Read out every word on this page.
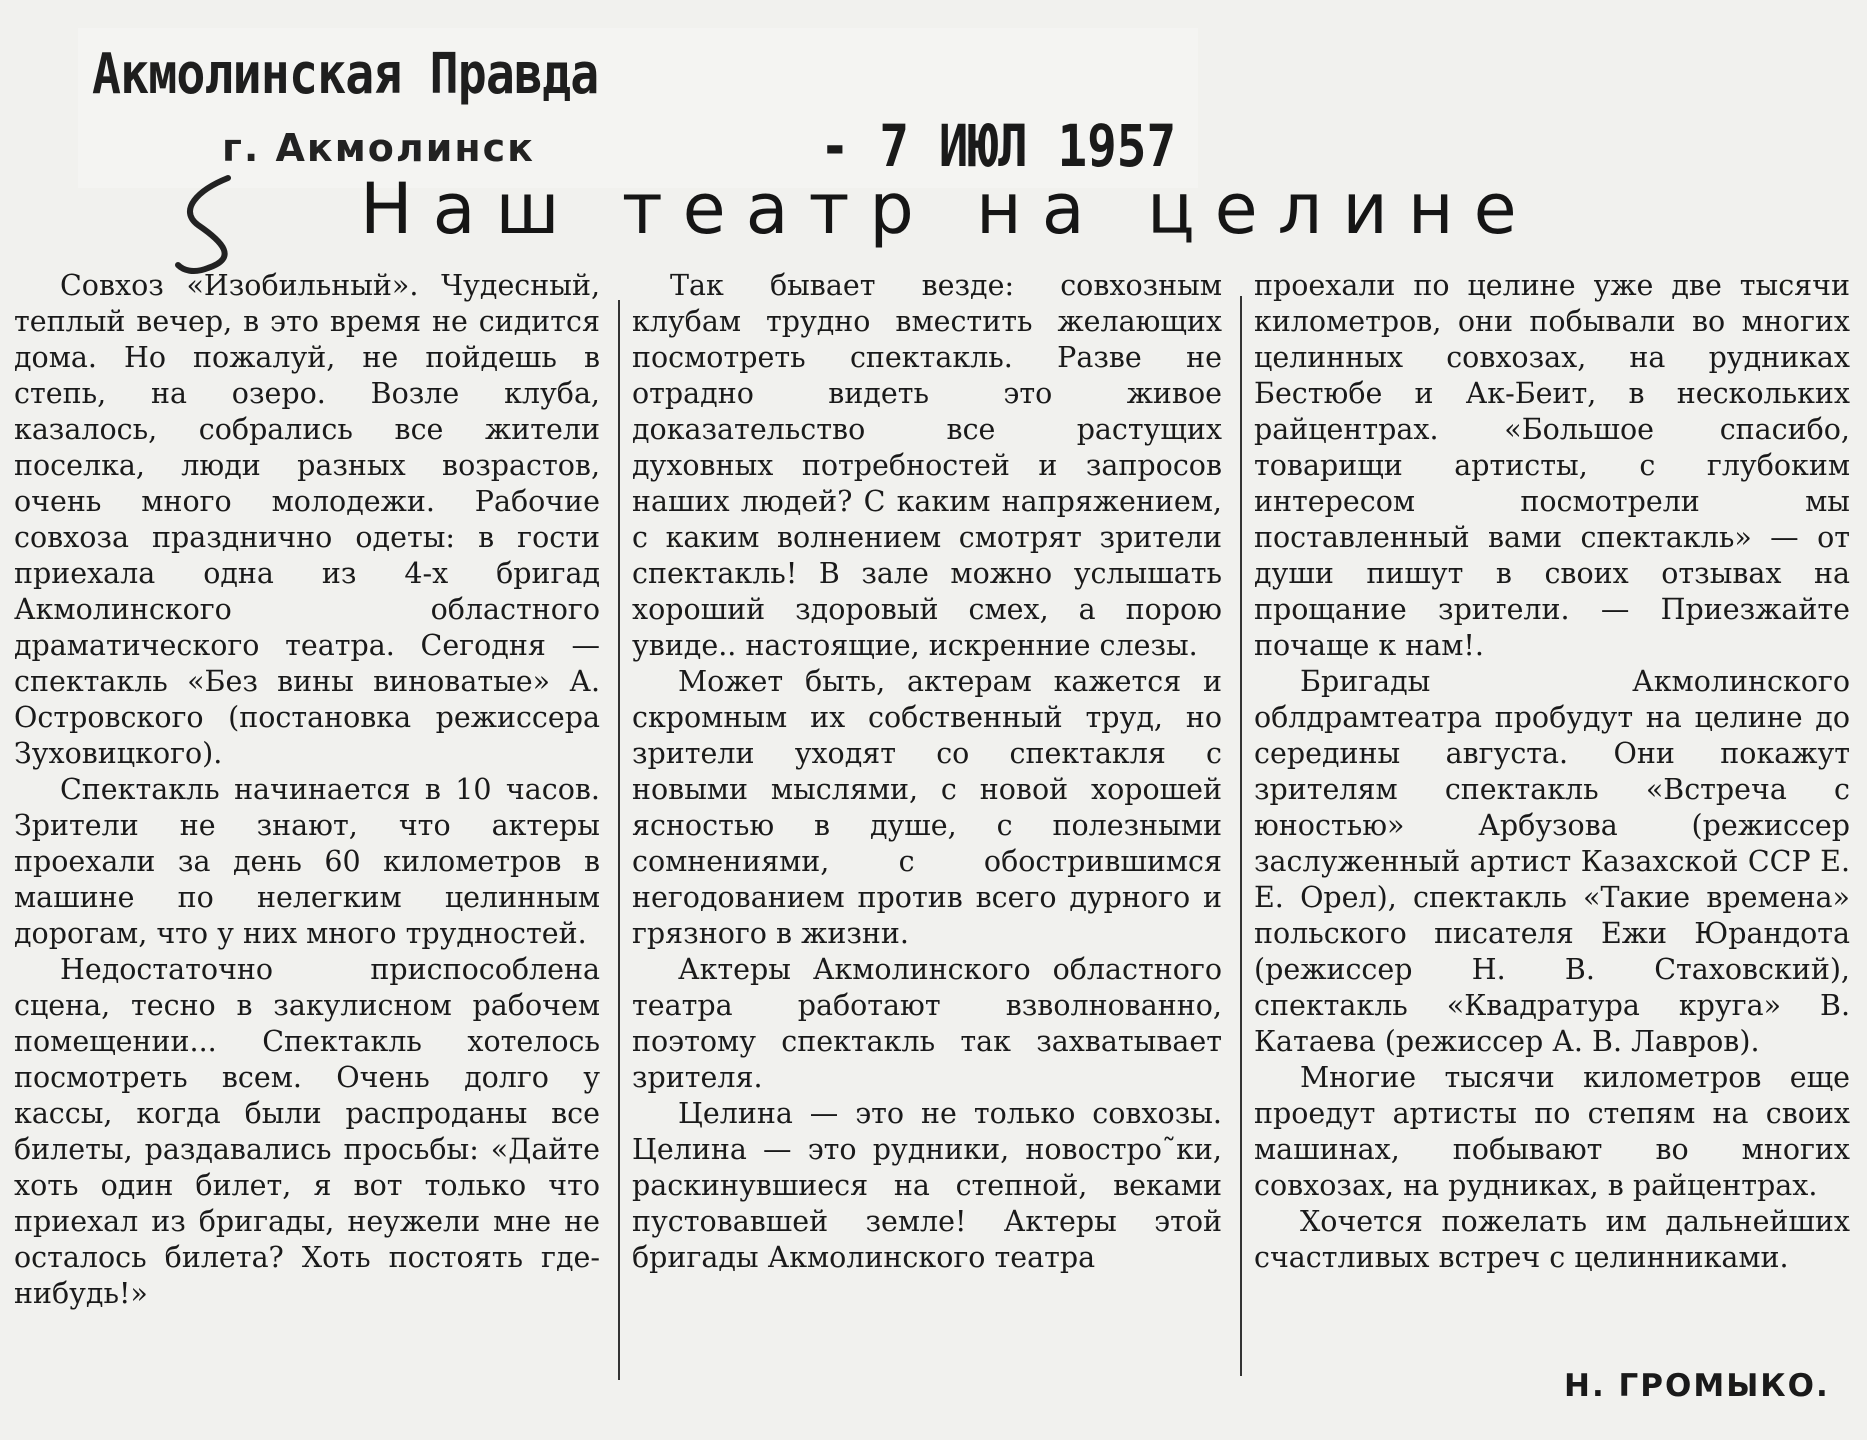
Акмолинская Правда
г. Акмолинск	- 7 ИЮЛ 1957
Наш театр на целине

Совхоз «Изобильный». Чудесный, теплый вечер, в это время не сидится дома. Но пожалуй, не пойдешь в степь, на озеро. Возле клуба, казалось, собрались все жители поселка, люди разных возрастов, очень много молодежи. Рабочие совхоза празднично одеты: в гости приехала одна из 4-х бригад Акмолинского областного драматического театра. Сегодня — спектакль «Без вины виноватые» А. Островского (постановка режиссера Зуховицкого).

Спектакль начинается в 10 часов. Зрители не знают, что актеры проехали за день 60 километров в машине по нелегким целинным дорогам, что у них много трудностей.

Недостаточно приспособлена сцена, тесно в закулисном рабочем помещении... Спектакль хотелось посмотреть всем. Очень долго у кассы, когда были распроданы все билеты, раздавались просьбы: «Дайте хоть один билет, я вот только что приехал из бригады, неужели мне не осталось билета? Хоть постоять где-нибудь!»

Так бывает везде: совхозным клубам трудно вместить желающих посмотреть спектакль. Разве не отрадно видеть это живое доказательство все растущих духовных потребностей и запросов наших людей? С каким напряжением, с каким волнением смотрят зрители спектакль! В зале можно услышать хороший здоровый смех, а порою увиде.. настоящие, искренние слезы.

Может быть, актерам кажется и скромным их собственный труд, но зрители уходят со спектакля с новыми мыслями, с новой хорошей ясностью в душе, с полезными сомнениями, с обострившимся негодованием против всего дурного и грязного в жизни.

Актеры Акмолинского областного театра работают взволнованно, поэтому спектакль так захватывает зрителя.

Целина — это не только совхозы. Целина — это рудники, новостро˜ки, раскинувшиеся на степной, веками пустовавшей земле! Актеры этой бригады Акмолинского театра

проехали по целине уже две тысячи километров, они побывали во многих целинных совхозах, на рудниках Бестюбе и Ак-Беит, в нескольких райцентрах. «Большое спасибо, товарищи артисты, с глубоким интересом посмотрели мы поставленный вами спектакль» — от души пишут в своих отзывах на прощание зрители. — Приезжайте почаще к нам!.

Бригады Акмолинского облдрамтеатра пробудут на целине до середины августа. Они покажут зрителям спектакль «Встреча с юностью» Арбузова (режиссер заслуженный артист Казахской ССР Е. Е. Орел), спектакль «Такие времена» польского писателя Ежи Юрандота (режиссер Н. В. Стаховский), спектакль «Квадратура круга» В. Катаева (режиссер А. В. Лавров).

Многие тысячи километров еще проедут артисты по степям на своих машинах, побывают во многих совхозах, на рудниках, в райцентрах.

Хочется пожелать им дальнейших счастливых встреч с целинниками.

Н. ГРОМЫКО.
